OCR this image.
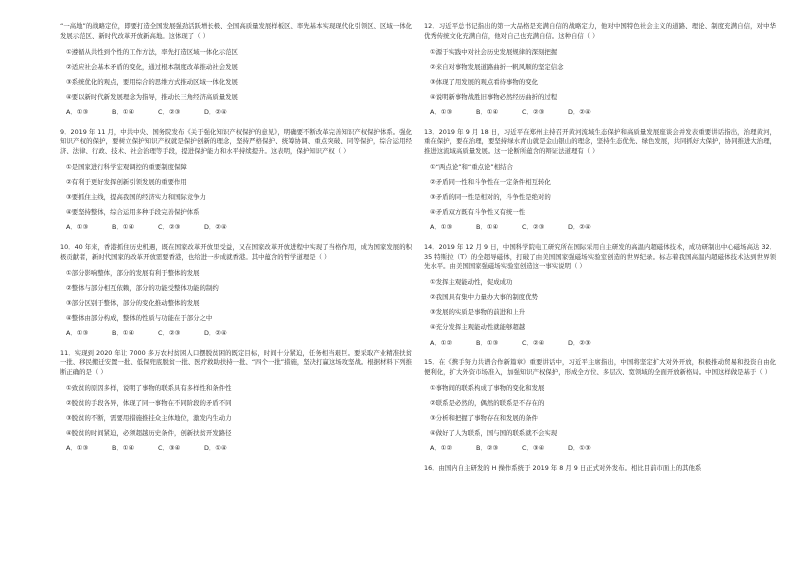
“一高地”的战略定位，即要打造全国发展强劲活跃增长极、全国高质量发展样板区、率先基本实现现代化引领区、区域一体化发展示范区、新时代改革开放新高地。这体现了（ ）

①遵循从共性到个性的工作方法，率先打造区域一体化示范区

②适应社会基本矛盾的变化，通过根本制度改革推动社会发展

③系统优化的观点，要用综合的思维方式推动区域一体化发展

④要以新时代新发展理念为指导，推动长三角经济高质量发展

A．①③	B．①④	C．②③	D．②④

9．2019 年 11 月，中共中央、国务院发布《关于强化知识产权保护的意见》，明确要不断改革完善知识产权保护体系。强化知识产权的保护，要树立保护知识产权就是保护创新的理念，坚持严格保护、统筹协调、重点突破、同等保护，综合运用经济、法律、行政、技术、社会治理等手段，提进保护能力和水平持续提升。这表明，保护知识产权（ ）

①是国家进行科学宏观调控的重要制度保障

②有利于更好发挥创新引领发展的重要作用

③要抓住主线，提高我国的经济实力和国际竞争力

④要坚持整体，综合运用多种手段完善保护体系

A．①③	B．①④	C．②③	D．②④

10．40 年来，香港抓住历史机遇，既在国家改革开放里受益，又在国家改革开放进程中实现了当格作用，成为国家发展的积极贡献者，新时代国家的改革开放需要香港，也给进一步成就香港。其中蕴含的哲学道理是（ ）

①部分影响整体，部分的发展有利于整体的发展

②整体与部分相互依赖，部分的功能受整体功能的制约

③部分区别于整体，部分的变化推动整体的发展

④整体由部分构成，整体的性质与功能在于部分之中

A．①③	B．①④	C．②③	D．②④

11．实现到 2020 年让 7000 多万农村贫困人口摆脱贫困的既定目标，时间十分紧迫，任务相当艰巨。要采取产业精准扶贫一批、移民搬迁安置一批、低保兜底脱贫一批、医疗救助扶持一批、“四个一批”措施，坚决打赢这场攻坚战。根据材料下列推断正确的是（ ）

①致贫的原因多样，说明了事物的联系具有多样性和条件性

②脱贫的手段各异，体现了同一事物在不同阶段的矛盾不同

③脱贫的不断，需要用措施推挂众主体地位，激发内生动力

④脱贫的时间紧迫，必须超越历史条件，创新扶贫开发路径

A．①③	B．①④	C．③④	D．①④

12．习近平总书记指出的第一大品格是充满自信的战略定力，他对中国特色社会主义的道路、理论、制度充满自信，对中华优秀传统文化充满自信，他对自己也充满自信。这种自信（ ）

①源于实践中对社会历史发展规律的深刻把握

②来自对事物发展道路曲折一帆风顺的坚定信念

③体现了用发展的观点看待事物的变化

④说明新事物战胜旧事物必然经历曲折的过程

A．①③	B．①④	C．②③	D．②④

13．2019 年 9 月 18 日，习近平在郑州主持召开黄河流域生态保护和高质量发展座谈会并发表重要讲话指出，治理黄河，重在保护，要在治理，要坚持绿水青山就是金山银山的理念，坚持生态优先、绿色发展，共同抓好大保护，协同推进大治理，推进这流域高质量发展。这一论断所蕴含的辩证法道理有（ ）

①“两点论”和“重点论”相结合

②矛盾同一性和斗争性在一定条件相互转化

③矛盾的同一性是相对的，斗争性是绝对的

④矛盾双方既有斗争性又有统一性

A．①③	B．①④	C．②③	D．②④

14．2019 年 12 月 9 日，中国科学院电工研究所在国际采用自主研发的高温内超磁体技术，成功研制出中心磁场高达 32．35 特斯拉（T）的全超导磁体，打破了由美国国家强磁场实验室创造的世界纪录。标志着我国高温内超磁体技术达到世界领先水平。由美国国家强磁场实验室创造这一事实说明（ ）

①发挥主观能动性，促成成功

②我国具有集中力量办大事的制度优势

③发展的实质是事物的前进和上升

④充分发挥主观能动性就能够超越

A．①②	B．①③	C．②④	D．②③

15．在《携手努力共谱合作新篇章》重要讲话中，习近平主席指出，中国将坚定扩大对外开放，积极推动贸易和投资自由化便利化，扩大外资市场准入，加强知识产权保护，形成全方位、多层次、宽领域的全面开放新格局。中国这样做是基于（ ）

①事物间的联系构成了事物的变化和发展

②联系是必然的，偶然的联系是不存在的

③分析和把握了事物存在和发展的条件

④做好了人为联系，国与国的联系就不会实现

A．①②	B．②③	C．③④	D．①③

16．由国内自主研发的 H 操作系统于 2019 年 8 月 9 日正式对外发布。相比目前市面上的其他系
